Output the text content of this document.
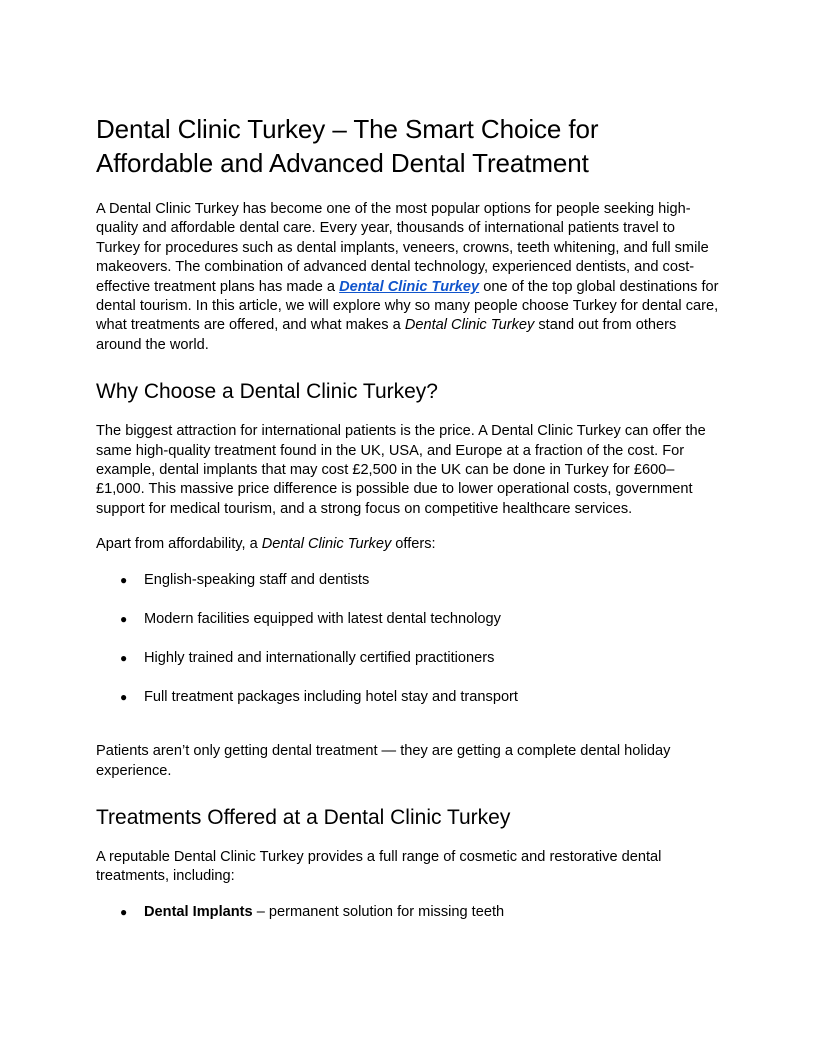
Dental Clinic Turkey – The Smart Choice for Affordable and Advanced Dental Treatment

A Dental Clinic Turkey has become one of the most popular options for people seeking high-quality and affordable dental care. Every year, thousands of international patients travel to Turkey for procedures such as dental implants, veneers, crowns, teeth whitening, and full smile makeovers. The combination of advanced dental technology, experienced dentists, and cost-effective treatment plans has made a Dental Clinic Turkey one of the top global destinations for dental tourism. In this article, we will explore why so many people choose Turkey for dental care, what treatments are offered, and what makes a Dental Clinic Turkey stand out from others around the world.

Why Choose a Dental Clinic Turkey?

The biggest attraction for international patients is the price. A Dental Clinic Turkey can offer the same high-quality treatment found in the UK, USA, and Europe at a fraction of the cost. For example, dental implants that may cost £2,500 in the UK can be done in Turkey for £600–£1,000. This massive price difference is possible due to lower operational costs, government support for medical tourism, and a strong focus on competitive healthcare services.

Apart from affordability, a Dental Clinic Turkey offers:

● English-speaking staff and dentists
● Modern facilities equipped with latest dental technology
● Highly trained and internationally certified practitioners
● Full treatment packages including hotel stay and transport

Patients aren’t only getting dental treatment — they are getting a complete dental holiday experience.

Treatments Offered at a Dental Clinic Turkey

A reputable Dental Clinic Turkey provides a full range of cosmetic and restorative dental treatments, including:

● Dental Implants – permanent solution for missing teeth
